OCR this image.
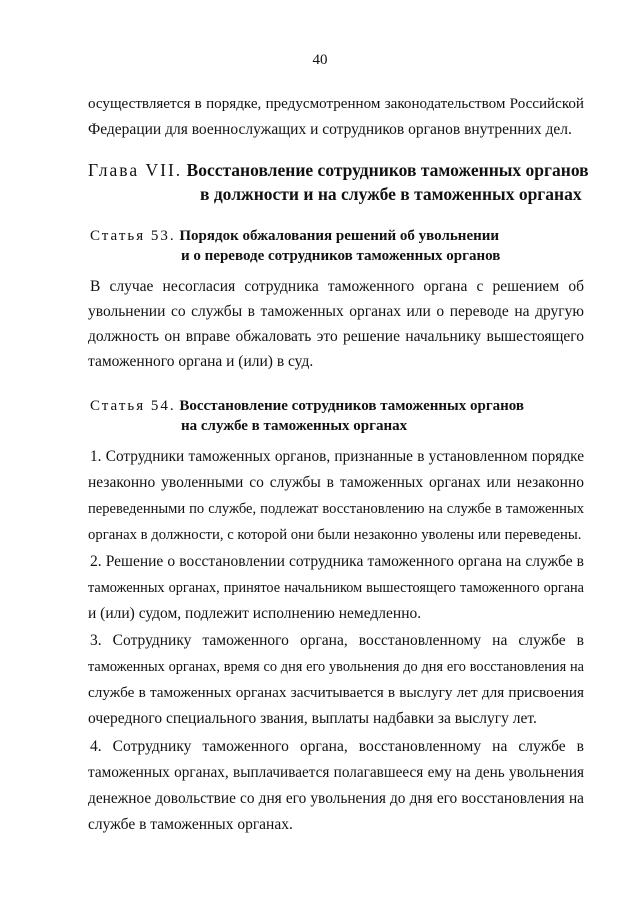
40
осуществляется в порядке, предусмотренном законодательством Российской
Федерации для военнослужащих и сотрудников органов внутренних дел.
Глава VII. Восстановление сотрудников таможенных органов
в должности и на службе в таможенных органах
Статья 53. Порядок обжалования решений об увольнении
и о переводе сотрудников таможенных органов
В случае несогласия сотрудника таможенного органа с решением об
увольнении со службы в таможенных органах или о переводе на другую
должность он вправе обжаловать это решение начальнику вышестоящего
таможенного органа и (или) в суд.
Статья 54. Восстановление сотрудников таможенных органов
на службе в таможенных органах
1. Сотрудники таможенных органов, признанные в установленном порядке
незаконно уволенными со службы в таможенных органах или незаконно
переведенными по службе, подлежат восстановлению на службе в таможенных
органах в должности, с которой они были незаконно уволены или переведены.
2. Решение о восстановлении сотрудника таможенного органа на службе в
таможенных органах, принятое начальником вышестоящего таможенного органа
и (или) судом, подлежит исполнению немедленно.
3. Сотруднику таможенного органа, восстановленному на службе в
таможенных органах, время со дня его увольнения до дня его восстановления на
службе в таможенных органах засчитывается в выслугу лет для присвоения
очередного специального звания, выплаты надбавки за выслугу лет.
4. Сотруднику таможенного органа, восстановленному на службе в
таможенных органах, выплачивается полагавшееся ему на день увольнения
денежное довольствие со дня его увольнения до дня его восстановления на
службе в таможенных органах.
